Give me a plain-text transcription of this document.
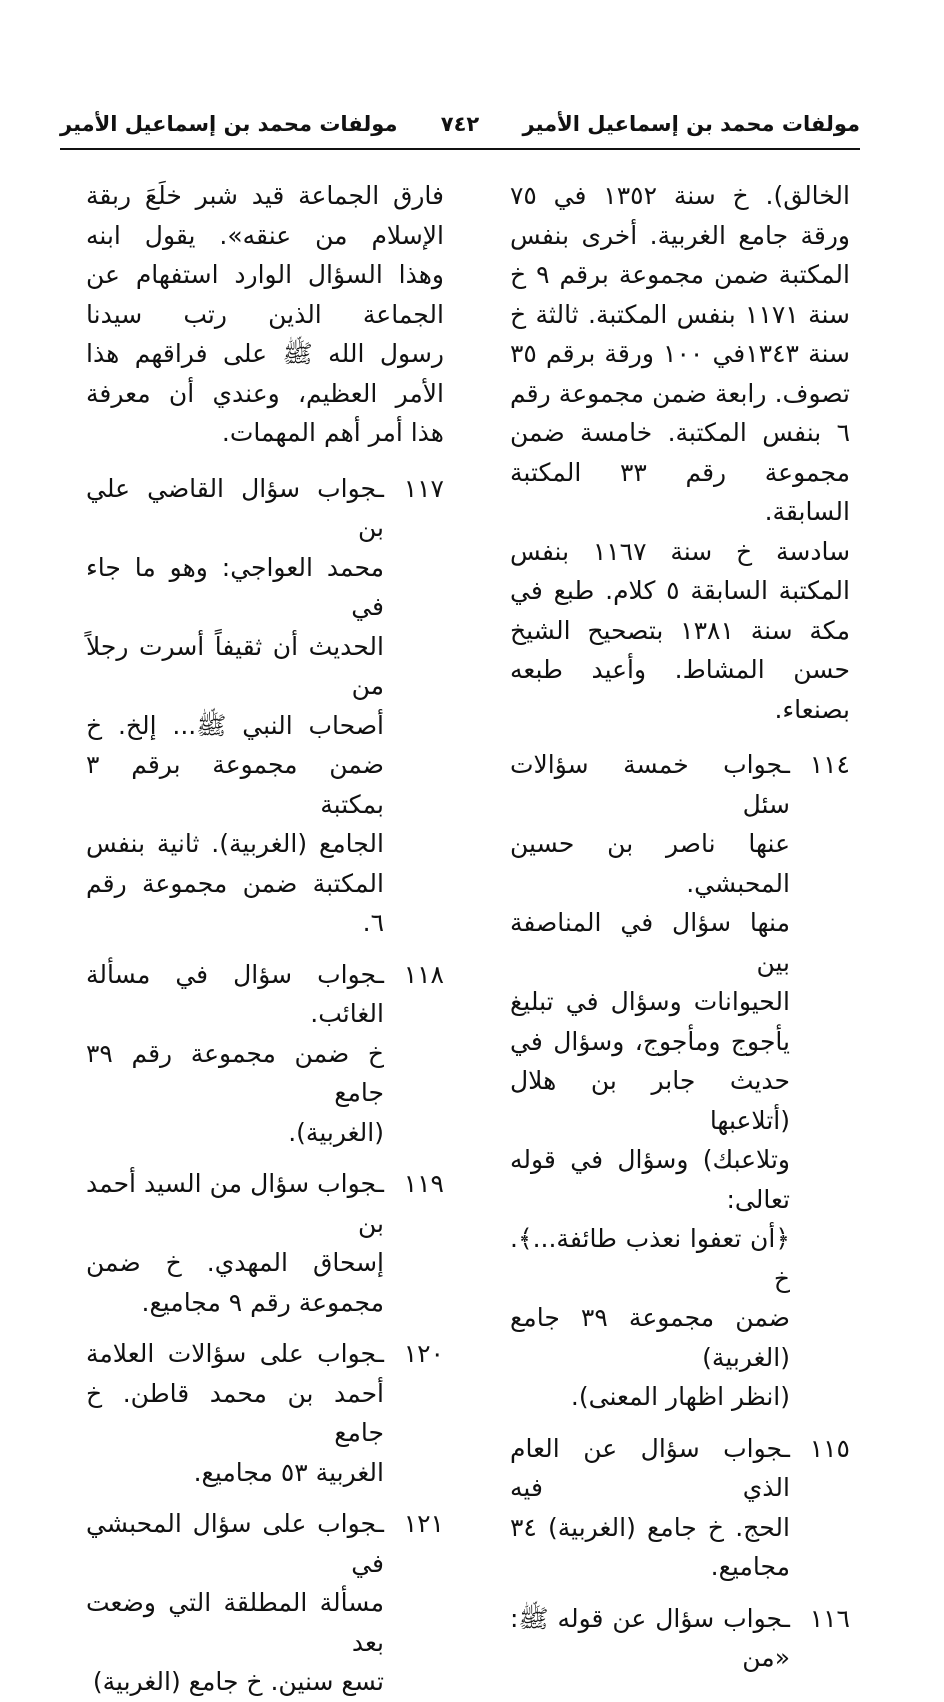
مولفات محمد بن إسماعيل الأمير
٧٤٢
مولفات محمد بن إسماعيل الأمير
الخالق). خ سنة ١٣٥٢ في ٧٥
ورقة جامع الغربية. أخرى بنفس
المكتبة ضمن مجموعة برقم ٩ خ
سنة ١١٧١ بنفس المكتبة. ثالثة خ
سنة ١٣٤٣في ١٠٠ ورقة برقم ٣٥
تصوف. رابعة ضمن مجموعة رقم
٦ بنفس المكتبة. خامسة ضمن
مجموعة رقم ٣٣ المكتبة السابقة.
سادسة خ سنة ١١٦٧ بنفس
المكتبة السابقة ٥ كلام. طبع في
مكة سنة ١٣٨١ بتصحيح الشيخ
حسن المشاط. وأعيد طبعه
بصنعاء.
١١٤
ـجواب خمسة سؤالات سئل
عنها ناصر بن حسين المحبشي.
منها سؤال في المناصفة بين
الحيوانات وسؤال في تبليغ
يأجوج ومأجوج، وسؤال في
حديث جابر بن هلال (أتلاعبها
وتلاعبك) وسؤال في قوله تعالى:
﴿أن تعفوا نعذب طائفة...﴾. خ
ضمن مجموعة ٣٩ جامع (الغربية)
(انظر اظهار المعنى).
١١٥
ـجواب سؤال عن العام الذي فيه
الحج. خ جامع (الغربية) ٣٤
مجاميع.
١١٦
ـجواب سؤال عن قوله ﷺ: «من
فارق الجماعة قيد شبر خلَعَ ربقة
الإسلام من عنقه». يقول ابنه
وهذا السؤال الوارد استفهام عن
الجماعة الذين رتب سيدنا
رسول الله ﷺ على فراقهم هذا
الأمر العظيم، وعندي أن معرفة
هذا أمر أهم المهمات.
١١٧
ـجواب سؤال القاضي علي بن
محمد العواجي: وهو ما جاء في
الحديث أن ثقيفاً أسرت رجلاً من
أصحاب النبي ﷺ... إلخ. خ
ضمن مجموعة برقم ٣ بمكتبة
الجامع (الغربية). ثانية بنفس
المكتبة ضمن مجموعة رقم ٦.
١١٨
ـجواب سؤال في مسألة الغائب.
خ ضمن مجموعة رقم ٣٩ جامع
(الغربية).
١١٩
ـجواب سؤال من السيد أحمد بن
إسحاق المهدي. خ ضمن
مجموعة رقم ٩ مجاميع.
١٢٠
ـجواب على سؤالات العلامة
أحمد بن محمد قاطن. خ جامع
الغربية ٥٣ مجاميع.
١٢١
ـجواب على سؤال المحبشي في
مسألة المطلقة التي وضعت بعد
تسع سنين. خ جامع (الغربية)
